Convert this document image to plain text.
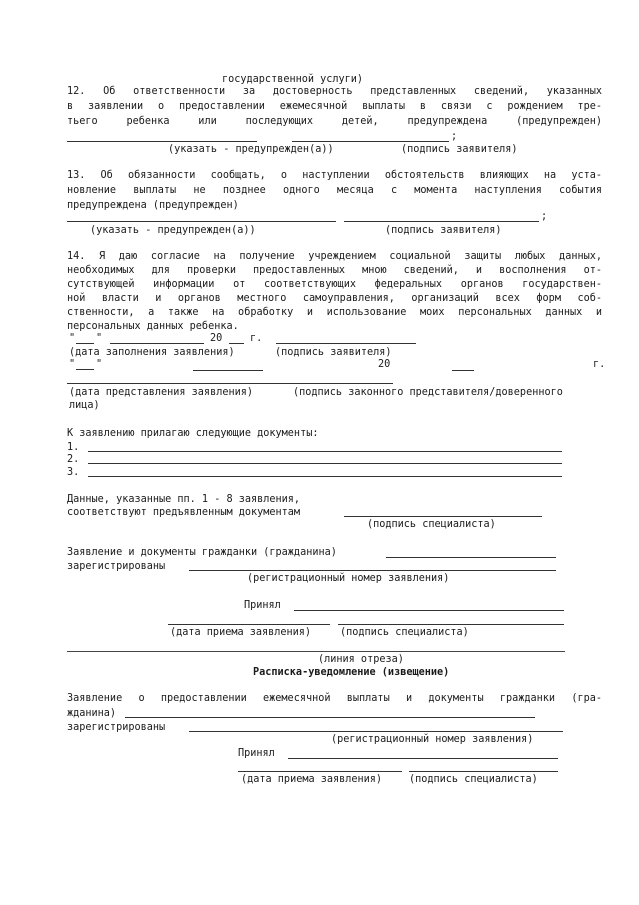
государственной услуги)
12. Об ответственности за достоверность представленных сведений, указанных
в заявлении о предоставлении ежемесячной выплаты в связи с рождением тре-
тьего ребенка или последующих детей, предупреждена (предупрежден)
;
(указать - предупрежден(а))	(подпись заявителя)
13. Об обязанности сообщать, о наступлении обстоятельств влияющих на уста-
новление выплаты не позднее одного месяца с момента наступления события
предупреждена (предупрежден)
;
(указать - предупрежден(а))	(подпись заявителя)
14. Я даю согласие на получение учреждением социальной защиты любых данных,
необходимых для проверки предоставленных мною сведений, и восполнения от-
сутствующей информации от соответствующих федеральных органов государствен-
ной власти и органов местного самоуправления, организаций всех форм соб-
ственности, а также на обработку и использование моих персональных данных и
персональных данных ребенка.
" "	20	г.
(дата заполнения заявления)	(подпись заявителя)
" "	20	г.
(дата представления заявления)	(подпись законного представителя/доверенного
лица)
К заявлению прилагаю следующие документы:
1.
2.
3.
Данные, указанные пп. 1 - 8 заявления,
соответствуют предъявленным документам
(подпись специалиста)
Заявление и документы гражданки (гражданина)
зарегистрированы
(регистрационный номер заявления)
Принял
(дата приема заявления)	(подпись специалиста)
(линия отреза)
Расписка-уведомление (извещение)
Заявление о предоставлении ежемесячной выплаты и документы гражданки (гра-
жданина)
зарегистрированы
(регистрационный номер заявления)
Принял
(дата приема заявления)	(подпись специалиста)
